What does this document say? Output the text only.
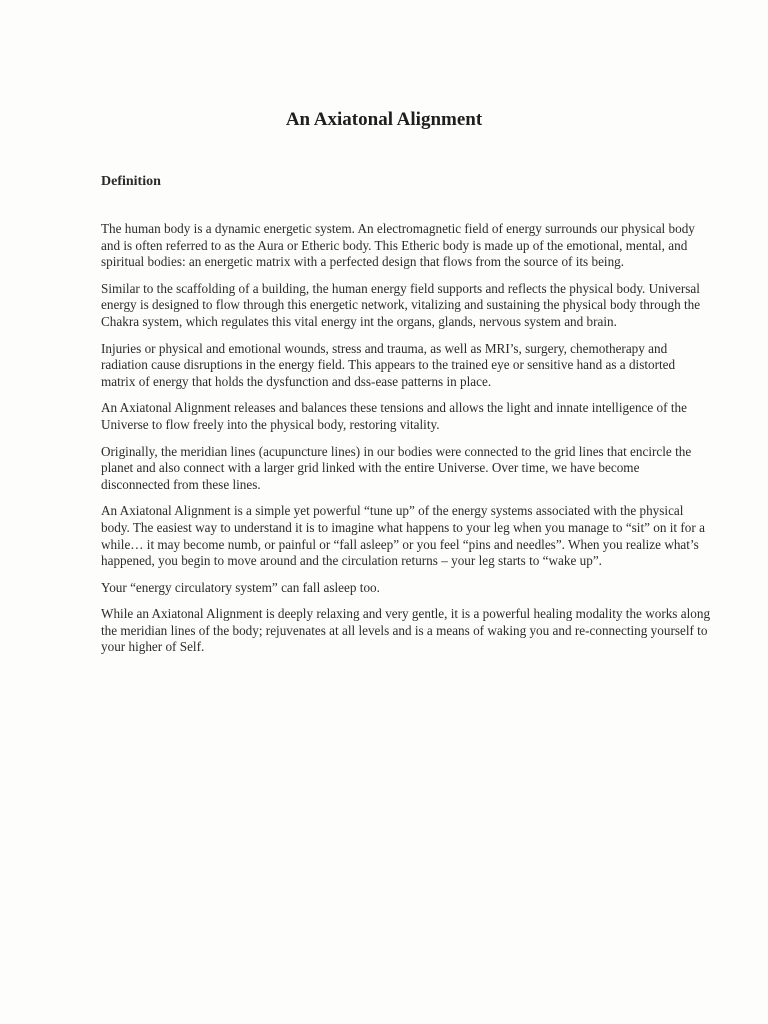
An Axiatonal Alignment
Definition

The human body is a dynamic energetic system. An electromagnetic field of energy surrounds our physical body and is often referred to as the Aura or Etheric body. This Etheric body is made up of the emotional, mental, and spiritual bodies: an energetic matrix with a perfected design that flows from the source of its being.

Similar to the scaffolding of a building, the human energy field supports and reflects the physical body. Universal energy is designed to flow through this energetic network, vitalizing and sustaining the physical body through the Chakra system, which regulates this vital energy int the organs, glands, nervous system and brain.

Injuries or physical and emotional wounds, stress and trauma, as well as MRI’s, surgery, chemotherapy and radiation cause disruptions in the energy field. This appears to the trained eye or sensitive hand as a distorted matrix of energy that holds the dysfunction and dss-ease patterns in place.

An Axiatonal Alignment releases and balances these tensions and allows the light and innate intelligence of the Universe to flow freely into the physical body, restoring vitality.

Originally, the meridian lines (acupuncture lines) in our bodies were connected to the grid lines that encircle the planet and also connect with a larger grid linked with the entire Universe. Over time, we have become disconnected from these lines.

An Axiatonal Alignment is a simple yet powerful “tune up” of the energy systems associated with the physical body. The easiest way to understand it is to imagine what happens to your leg when you manage to “sit” on it for a while… it may become numb, or painful or “fall asleep” or you feel “pins and needles”. When you realize what’s happened, you begin to move around and the circulation returns – your leg starts to “wake up”.

Your “energy circulatory system” can fall asleep too.

While an Axiatonal Alignment is deeply relaxing and very gentle, it is a powerful healing modality the works along the meridian lines of the body; rejuvenates at all levels and is a means of waking you and re-connecting yourself to your higher of Self.
